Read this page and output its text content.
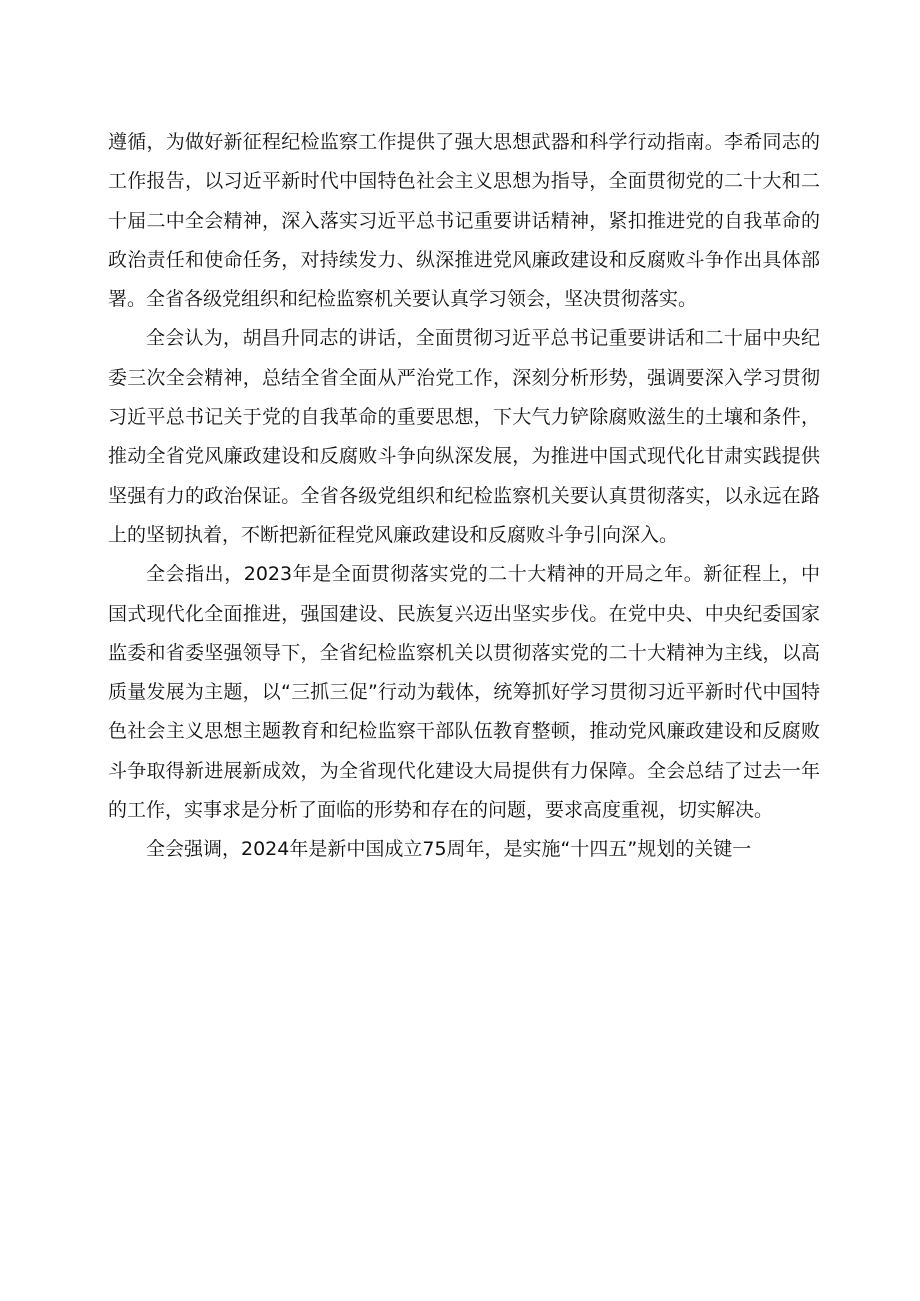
遵循，为做好新征程纪检监察工作提供了强大思想武器和科学行动指南。李希同志的工作报告，以习近平新时代中国特色社会主义思想为指导，全面贯彻党的二十大和二十届二中全会精神，深入落实习近平总书记重要讲话精神，紧扣推进党的自我革命的政治责任和使命任务，对持续发力、纵深推进党风廉政建设和反腐败斗争作出具体部署。全省各级党组织和纪检监察机关要认真学习领会，坚决贯彻落实。

全会认为，胡昌升同志的讲话，全面贯彻习近平总书记重要讲话和二十届中央纪委三次全会精神，总结全省全面从严治党工作，深刻分析形势，强调要深入学习贯彻习近平总书记关于党的自我革命的重要思想，下大气力铲除腐败滋生的土壤和条件，推动全省党风廉政建设和反腐败斗争向纵深发展，为推进中国式现代化甘肃实践提供坚强有力的政治保证。全省各级党组织和纪检监察机关要认真贯彻落实，以永远在路上的坚韧执着，不断把新征程党风廉政建设和反腐败斗争引向深入。

全会指出，2023年是全面贯彻落实党的二十大精神的开局之年。新征程上，中国式现代化全面推进，强国建设、民族复兴迈出坚实步伐。在党中央、中央纪委国家监委和省委坚强领导下，全省纪检监察机关以贯彻落实党的二十大精神为主线，以高质量发展为主题，以“三抓三促”行动为载体，统筹抓好学习贯彻习近平新时代中国特色社会主义思想主题教育和纪检监察干部队伍教育整顿，推动党风廉政建设和反腐败斗争取得新进展新成效，为全省现代化建设大局提供有力保障。全会总结了过去一年的工作，实事求是分析了面临的形势和存在的问题，要求高度重视，切实解决。

全会强调，2024年是新中国成立75周年，是实施“十四五”规划的关键一
